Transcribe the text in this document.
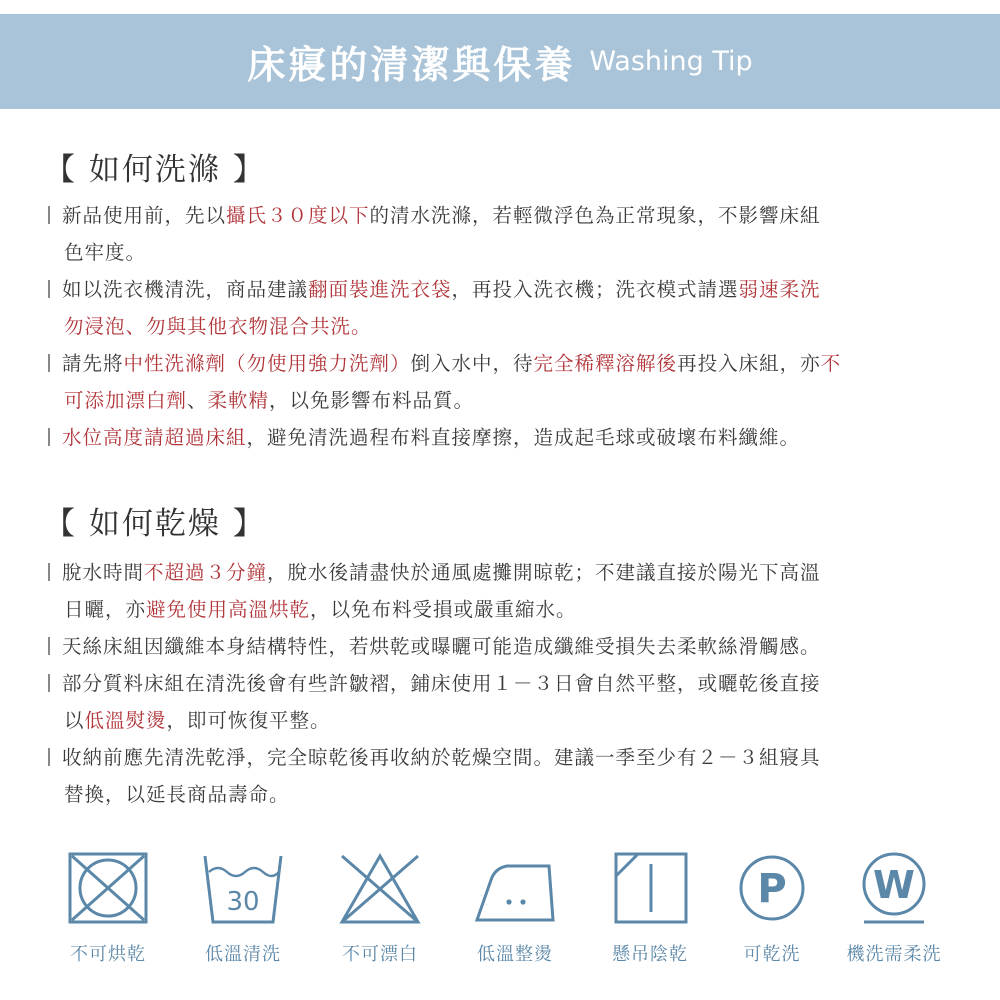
床寢的清潔與保養 Washing Tip
【 如何洗滌 】
新品使用前，先以攝氏３０度以下的清水洗滌，若輕微浮色為正常現象，不影響床組
色牢度。
如以洗衣機清洗，商品建議翻面裝進洗衣袋，再投入洗衣機；洗衣模式請選弱速柔洗
勿浸泡、勿與其他衣物混合共洗。
請先將中性洗滌劑（勿使用強力洗劑）倒入水中，待完全稀釋溶解後再投入床組，亦不
可添加漂白劑、柔軟精，以免影響布料品質。
水位高度請超過床組，避免清洗過程布料直接摩擦，造成起毛球或破壞布料纖維。
【 如何乾燥 】
脫水時間不超過３分鐘，脫水後請盡快於通風處攤開晾乾；不建議直接於陽光下高溫
日曬，亦避免使用高溫烘乾，以免布料受損或嚴重縮水。
天絲床組因纖維本身結構特性，若烘乾或曝曬可能造成纖維受損失去柔軟絲滑觸感。
部分質料床組在清洗後會有些許皺褶，鋪床使用１－３日會自然平整，或曬乾後直接
以低溫熨燙，即可恢復平整。
收納前應先清洗乾淨，完全晾乾後再收納於乾燥空間。建議一季至少有２－３組寢具
替換，以延長商品壽命。
不可烘乾
30
低溫清洗	不可漂白	低溫整燙	懸吊陰乾
P
可乾洗
W
機洗需柔洗
